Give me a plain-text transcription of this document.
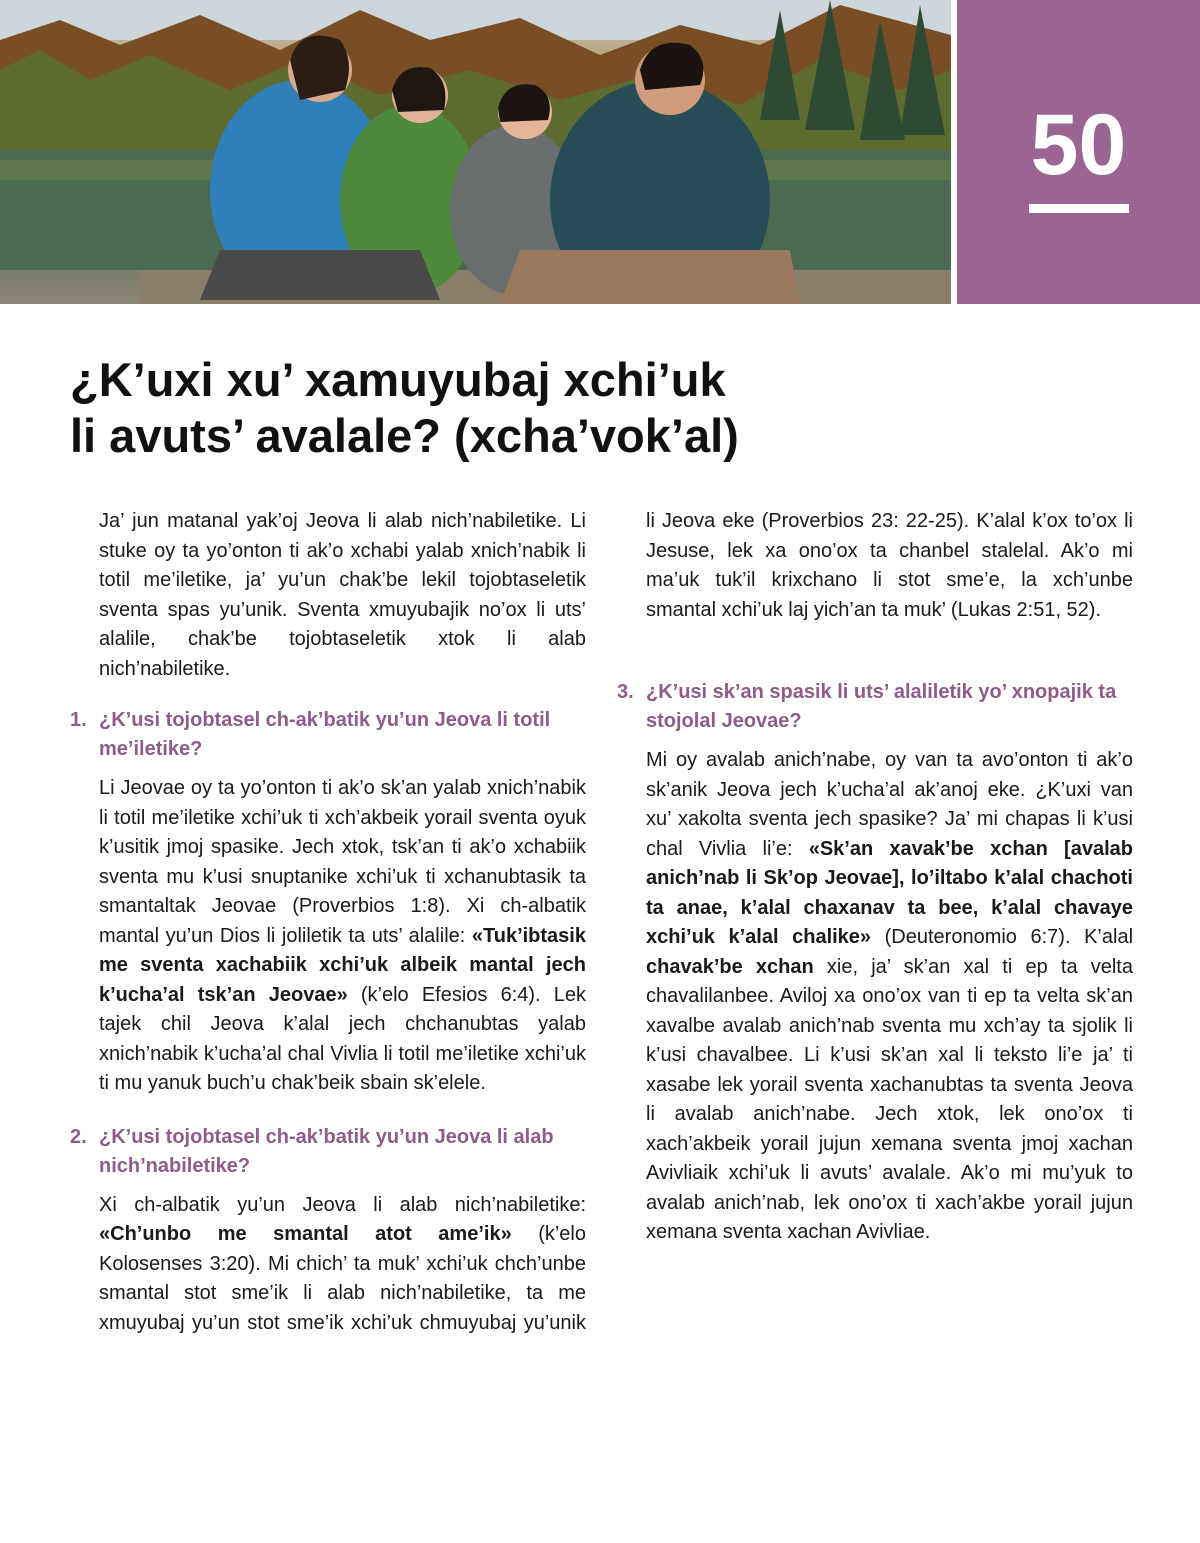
50
¿K’uxi xu’ xamuyubaj xchi’uk
li avuts’ avalale? (xcha’vok’al)

Ja’ jun matanal yak’oj Jeova li alab nich’nabiletike. Li stuke oy ta yo’onton ti ak’o xchabi yalab xnich’nabik li totil me’iletike, ja’ yu’un chak’be lekil tojobtaseletik sventa spas yu’unik. Sventa xmuyubajik no’ox li uts’ alalile, chak’be tojobtaseletik xtok li alab nich’nabiletike.

1. ¿K’usi tojobtasel ch-ak’batik yu’un Jeova li totil me’iletike?

Li Jeovae oy ta yo’onton ti ak’o sk’an yalab xnich’nabik li totil me’iletike xchi’uk ti xch’akbeik yorail sventa oyuk k’usitik jmoj spasike. Jech xtok, tsk’an ti ak’o xchabiik sventa mu k’usi snuptanike xchi’uk ti xchanubtasik ta smantaltak Jeovae (Proverbios 1:8). Xi ch-albatik mantal yu’un Dios li joliletik ta uts’ alalile: «Tuk’ibtasik me sventa xachabiik xchi’uk albeik mantal jech k’ucha’al tsk’an Jeovae» (k’elo Efesios 6:4). Lek tajek chil Jeova k’alal jech chchanubtas yalab xnich’nabik k’ucha’al chal Vivlia li totil me’iletike xchi’uk ti mu yanuk buch’u chak’beik sbain sk’elele.

2. ¿K’usi tojobtasel ch-ak’batik yu’un Jeova li alab nich’nabiletike?

Xi ch-albatik yu’un Jeova li alab nich’nabiletike: «Ch’unbo me smantal atot ame’ik» (k’elo Kolosenses 3:20). Mi chich’ ta muk’ xchi’uk chch’unbe smantal stot sme’ik li alab nich’nabiletike, ta me xmuyubaj yu’un stot sme’ik xchi’uk chmuyubaj yu’unik

li Jeova eke (Proverbios 23: 22-25). K’alal k’ox to’ox li Jesuse, lek xa ono’ox ta chanbel stalelal. Ak’o mi ma’uk tuk’il krixchano li stot sme’e, la xch’unbe smantal xchi’uk laj yich’an ta muk’ (Lukas 2:51, 52).

3. ¿K’usi sk’an spasik li uts’ alaliletik yo’ xnopajik ta stojolal Jeovae?

Mi oy avalab anich’nabe, oy van ta avo’onton ti ak’o sk’anik Jeova jech k’ucha’al ak’anoj eke. ¿K’uxi van xu’ xakolta sventa jech spasike? Ja’ mi chapas li k’usi chal Vivlia li’e: «Sk’an xavak’be xchan [avalab anich’nab li Sk’op Jeovae], lo’iltabo k’alal chachoti ta anae, k’alal chaxanav ta bee, k’alal chavaye xchi’uk k’alal chalike» (Deuteronomio 6:7). K’alal chavak’be xchan xie, ja’ sk’an xal ti ep ta velta chavalilanbee. Aviloj xa ono’ox van ti ep ta velta sk’an xavalbe avalab anich’nab sventa mu xch’ay ta sjolik li k’usi chavalbee. Li k’usi sk’an xal li teksto li’e ja’ ti xasabe lek yorail sventa xachanubtas ta sventa Jeova li avalab anich’nabe. Jech xtok, lek ono’ox ti xach’akbeik yorail jujun xemana sventa jmoj xachan Avivliaik xchi’uk li avuts’ avalale. Ak’o mi mu’yuk to avalab anich’nab, lek ono’ox ti xach’akbe yorail jujun xemana sventa xachan Avivliae.
